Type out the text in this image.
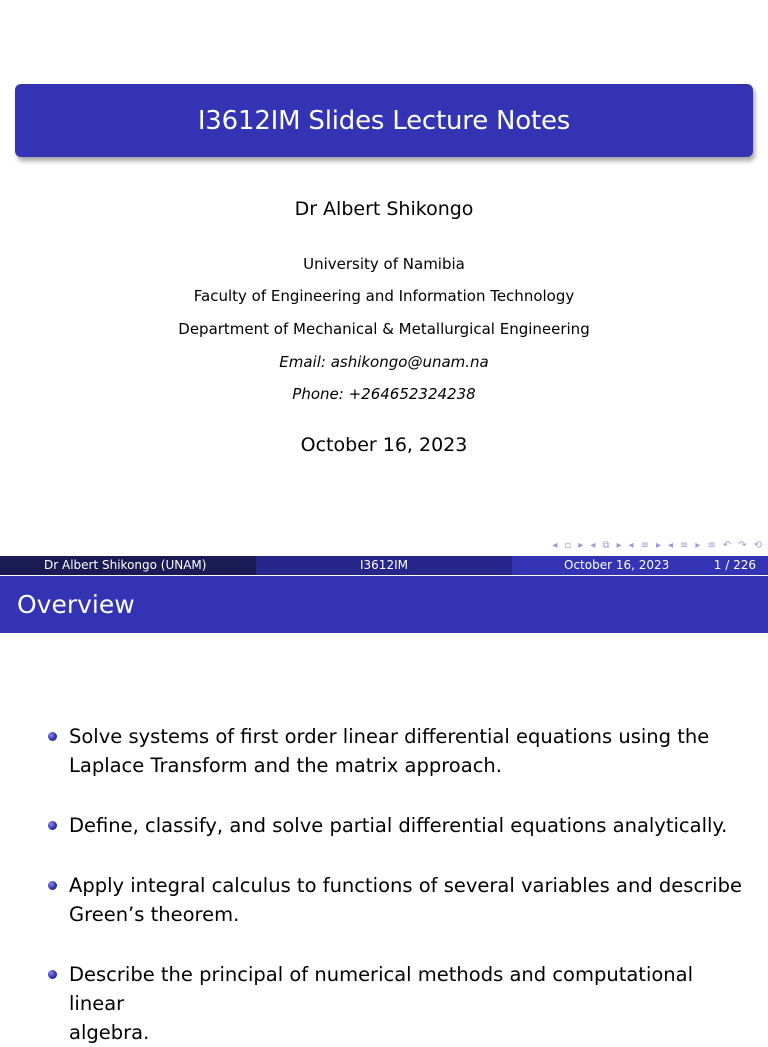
I3612IM Slides Lecture Notes
Dr Albert Shikongo
University of Namibia
Faculty of Engineering and Information Technology
Department of Mechanical & Metallurgical Engineering
Email: ashikongo@unam.na
Phone: +264652324238
October 16, 2023
◂ ▫ ▸ ◂ ⧉ ▸ ◂ ≡ ▸ ◂ ≡ ▸ ≡ ↶ ↷ ⟲
Dr Albert Shikongo (UNAM)	I3612IM	October 16, 2023	1 / 226
Overview
Solve systems of first order linear differential equations using the
Laplace Transform and the matrix approach.
Define, classify, and solve partial differential equations analytically.
Apply integral calculus to functions of several variables and describe
Green’s theorem.
Describe the principal of numerical methods and computational linear
algebra.
